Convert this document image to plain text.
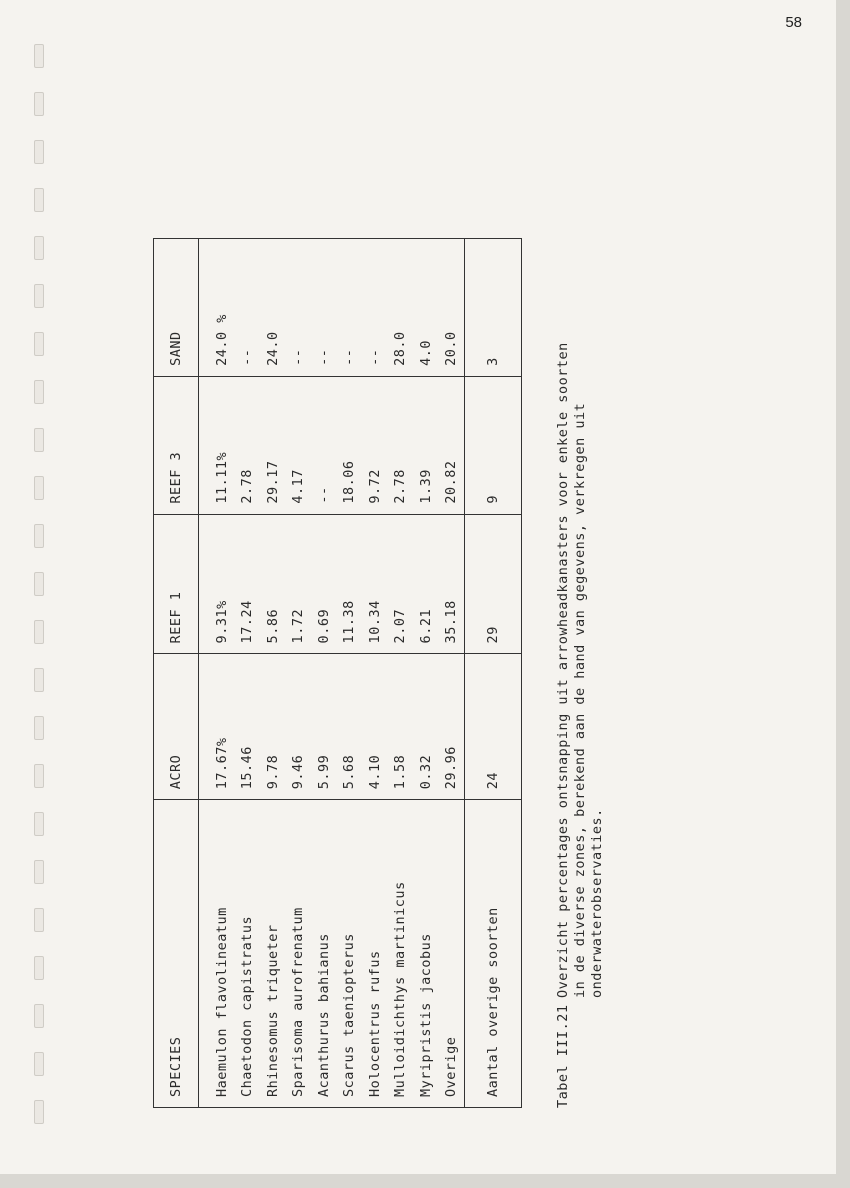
58
SPECIES	ACRO	REEF 1	REEF 3	SAND
Haemulon flavolineatum	17.67%	9.31%	11.11%	24.0 %
Chaetodon capistratus	15.46	17.24	2.78	--
Rhinesomus triqueter	9.78	5.86	29.17	24.0
Sparisoma aurofrenatum	9.46	1.72	4.17	--
Acanthurus bahianus	5.99	0.69	--	--
Scarus taeniopterus	5.68	11.38	18.06	--
Holocentrus rufus	4.10	10.34	9.72	--
Mulloidichthys martinicus	1.58	2.07	2.78	28.0
Myripristis jacobus	0.32	6.21	1.39	4.0
Overige	29.96	35.18	20.82	20.0
Aantal overige soorten	24	29	9	3
Tabel III.21
Overzicht percentages ontsnapping uit arrowheadkanasters voor enkele soorten in de diverse zones, berekend aan de hand van gegevens, verkregen uit onderwaterobservaties.
